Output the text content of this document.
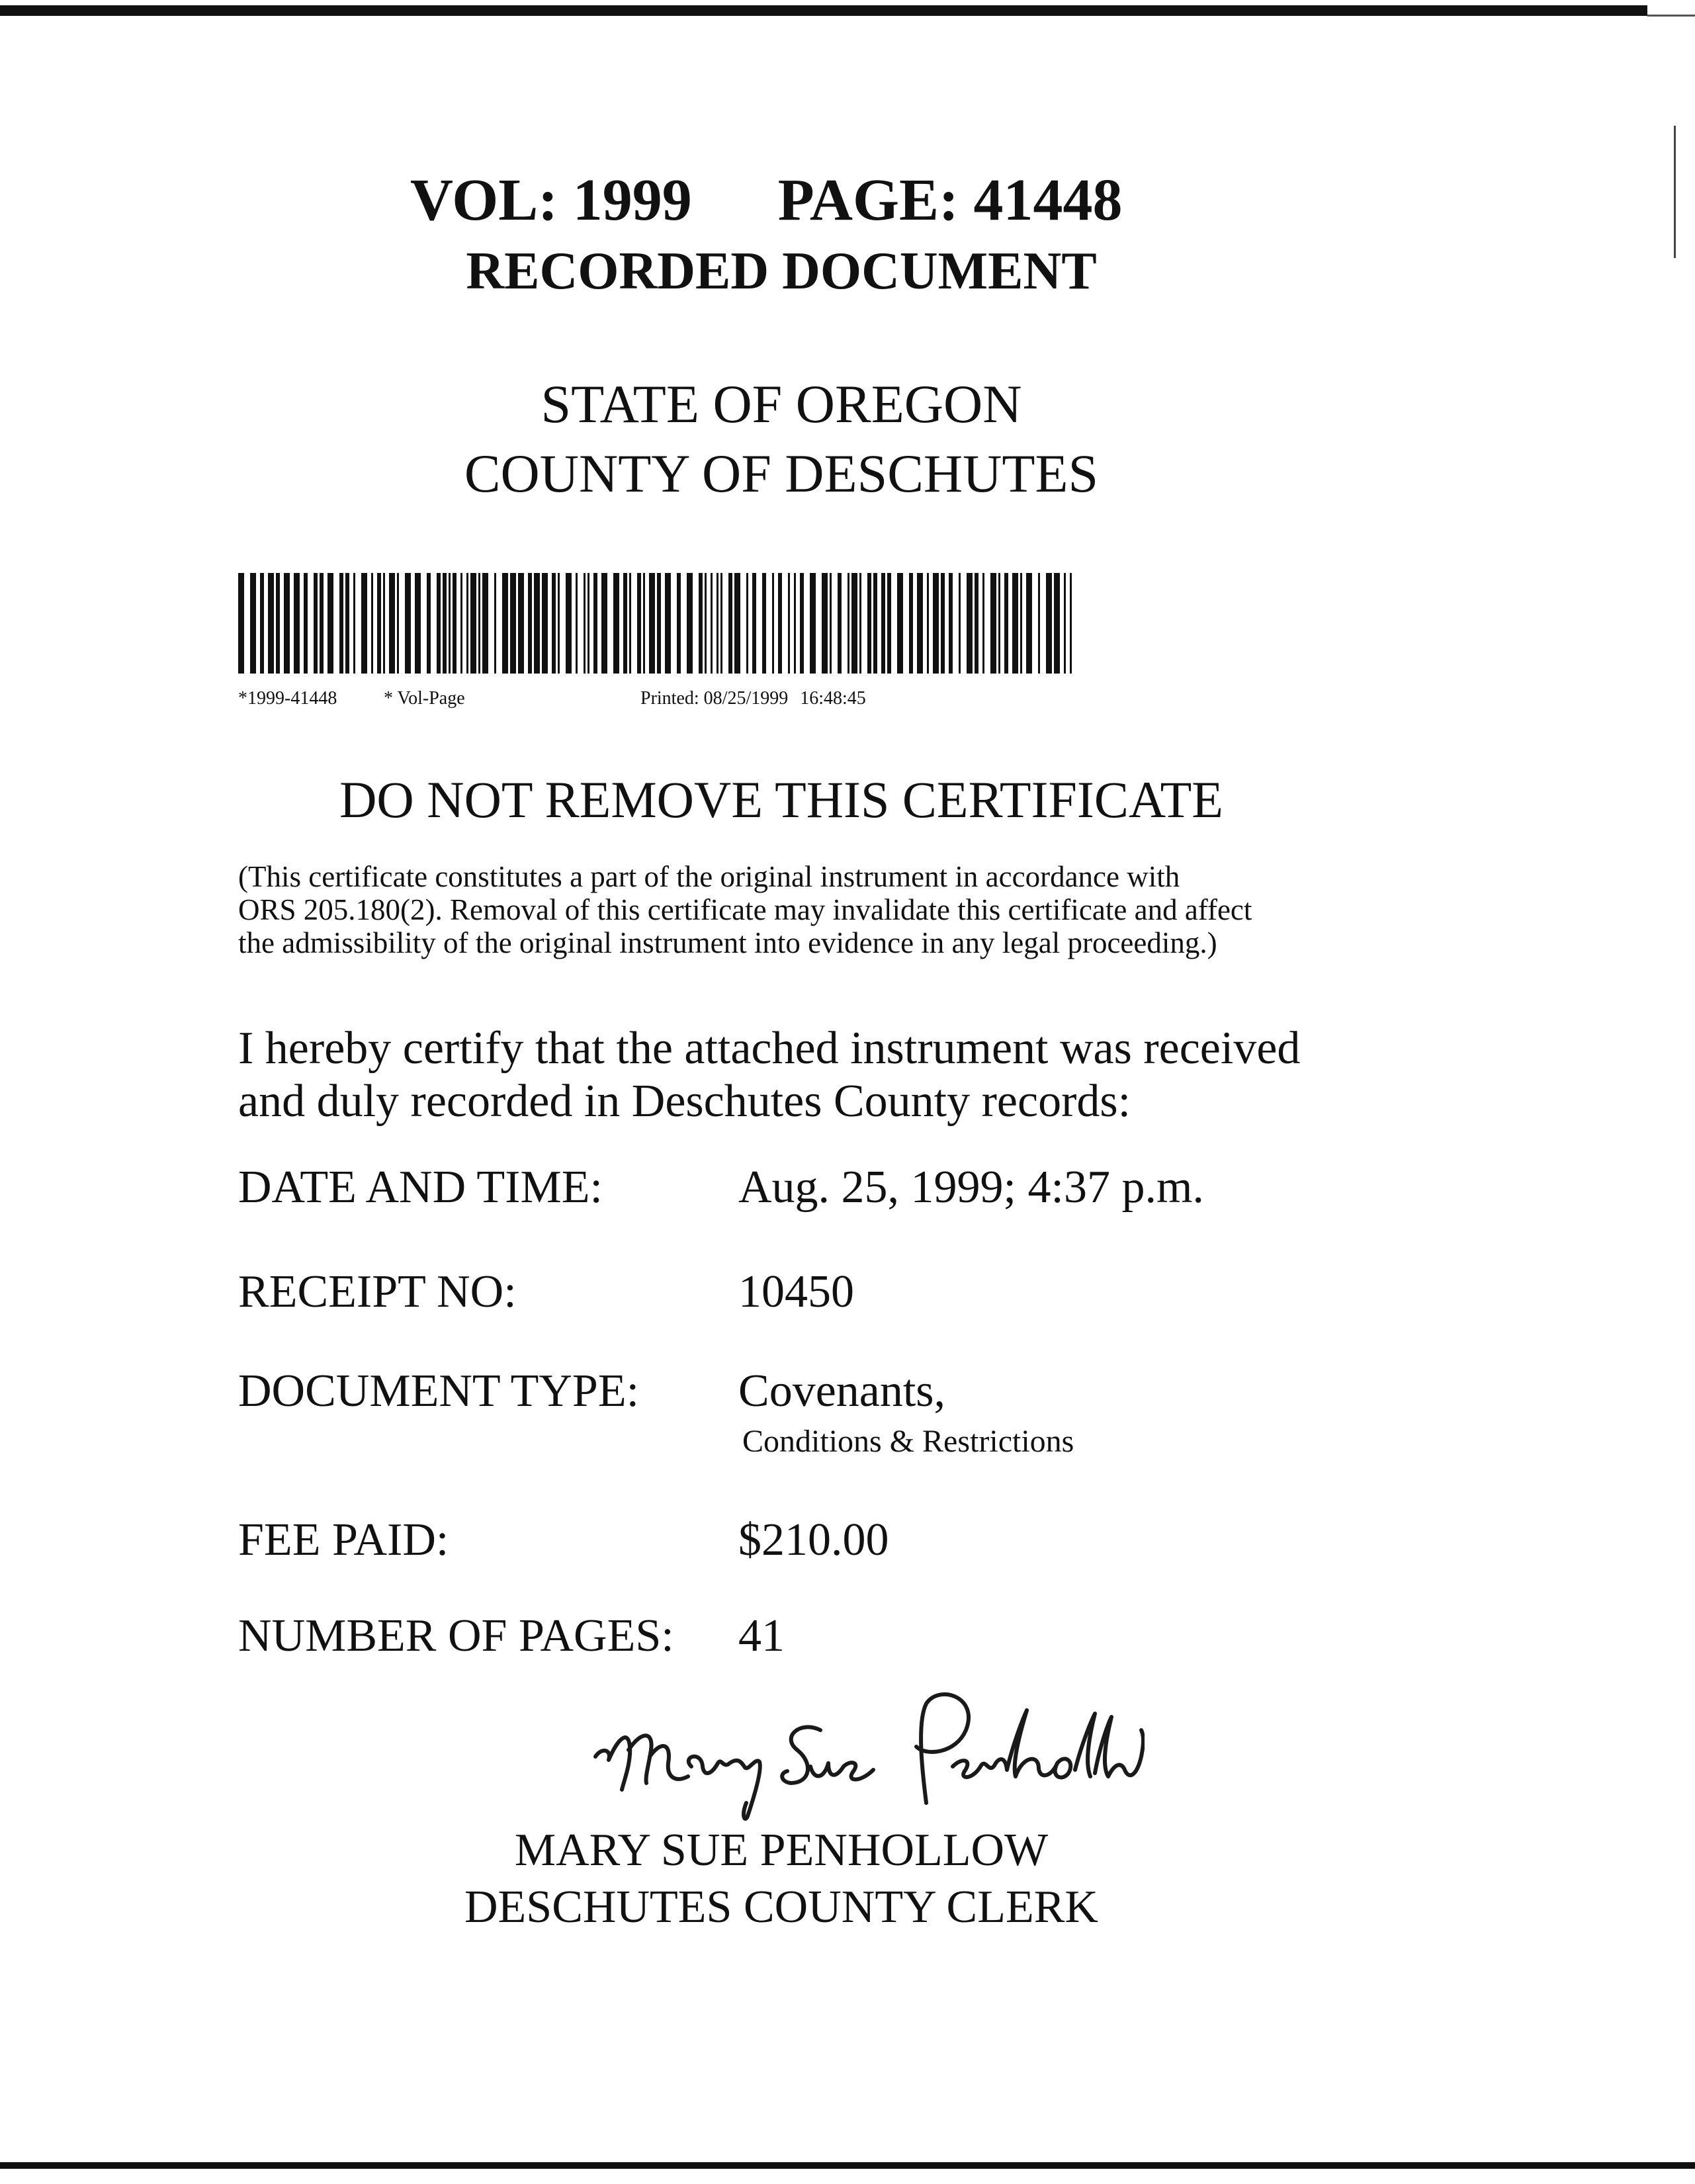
VOL: 1999 PAGE: 41448
RECORDED DOCUMENT
STATE OF OREGON
COUNTY OF DESCHUTES
*1999-41448	* Vol-Page	Printed: 08/25/1999 16:48:45
DO NOT REMOVE THIS CERTIFICATE
(This certificate constitutes a part of the original instrument in accordance with
ORS 205.180(2). Removal of this certificate may invalidate this certificate and affect
the admissibility of the original instrument into evidence in any legal proceeding.)
I hereby certify that the attached instrument was received
and duly recorded in Deschutes County records:
DATE AND TIME:	Aug. 25, 1999; 4:37 p.m.
RECEIPT NO:	10450
DOCUMENT TYPE: Covenants,
Conditions & Restrictions
FEE PAID:	$210.00
NUMBER OF PAGES: 41
MARY SUE PENHOLLOW
DESCHUTES COUNTY CLERK
